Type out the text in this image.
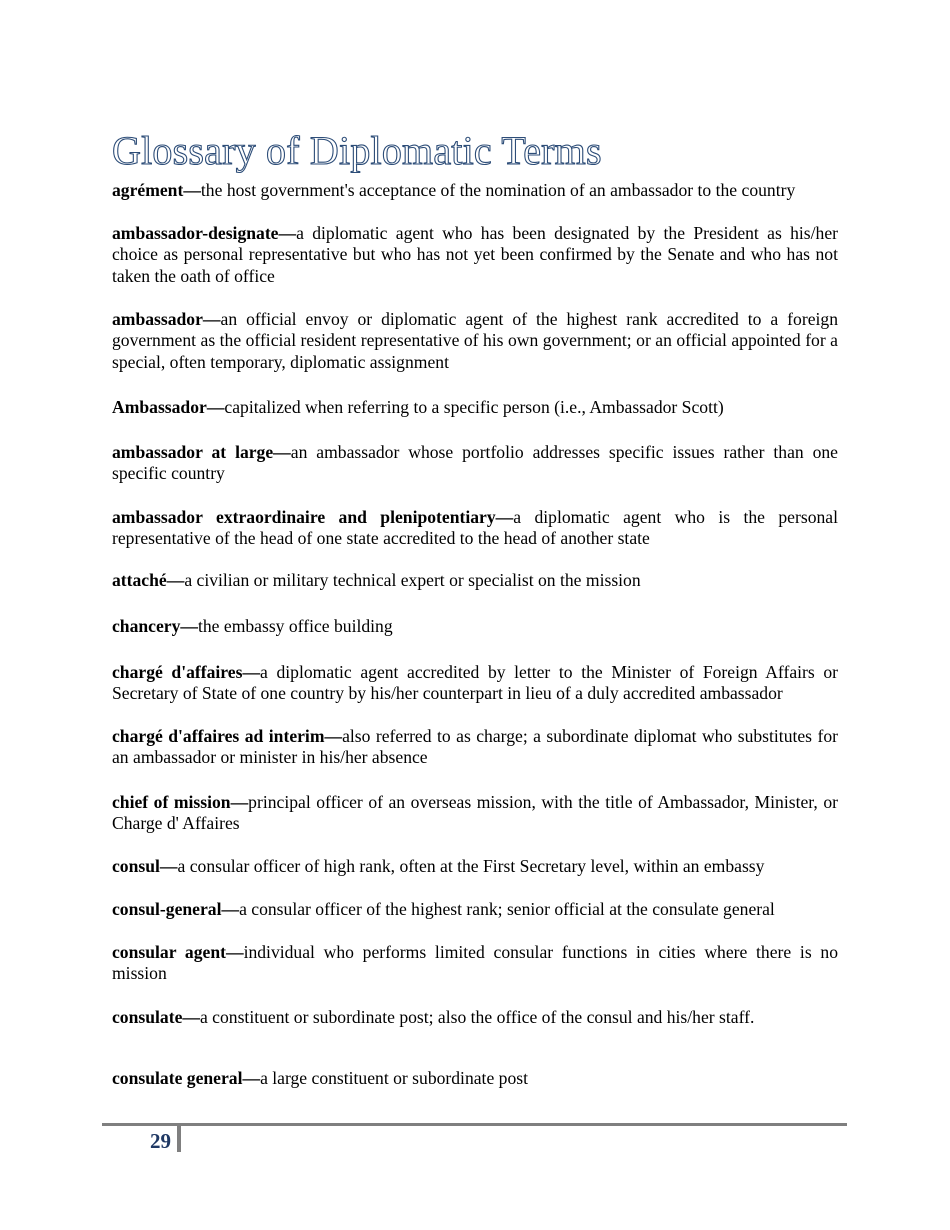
Glossary of Diplomatic Terms

agrément—the host government's acceptance of the nomination of an ambassador to the country

ambassador-designate—a diplomatic agent who has been designated by the President as his/her choice as personal representative but who has not yet been confirmed by the Senate and who has not taken the oath of office

ambassador—an official envoy or diplomatic agent of the highest rank accredited to a foreign government as the official resident representative of his own government; or an official appointed for a special, often temporary, diplomatic assignment

Ambassador—capitalized when referring to a specific person (i.e., Ambassador Scott)

ambassador at large—an ambassador whose portfolio addresses specific issues rather than one specific country

ambassador extraordinaire and plenipotentiary—a diplomatic agent who is the personal representative of the head of one state accredited to the head of another state

attaché—a civilian or military technical expert or specialist on the mission

chancery—the embassy office building

chargé d'affaires—a diplomatic agent accredited by letter to the Minister of Foreign Affairs or Secretary of State of one country by his/her counterpart in lieu of a duly accredited ambassador

chargé d'affaires ad interim—also referred to as charge; a subordinate diplomat who substitutes for an ambassador or minister in his/her absence

chief of mission—principal officer of an overseas mission, with the title of Ambassador, Minister, or Charge d' Affaires

consul—a consular officer of high rank, often at the First Secretary level, within an embassy

consul-general—a consular officer of the highest rank; senior official at the consulate general

consular agent—individual who performs limited consular functions in cities where there is no mission

consulate—a constituent or subordinate post; also the office of the consul and his/her staff.

consulate general—a large constituent or subordinate post

29
